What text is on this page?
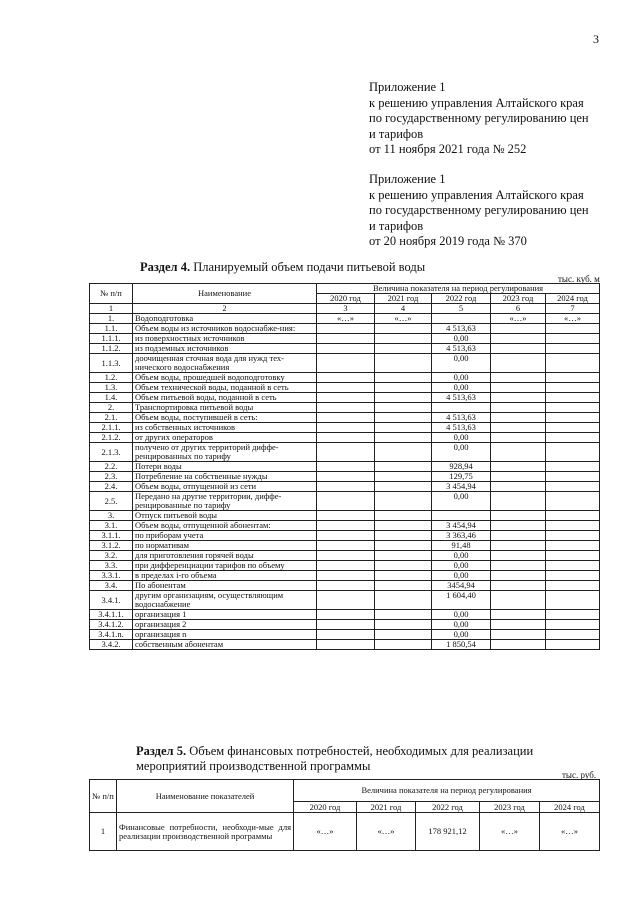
3
Приложение 1
к решению управления Алтайского края
по государственному регулированию цен
и тарифов
от 11 ноября 2021 года № 252
Приложение 1
к решению управления Алтайского края
по государственному регулированию цен
и тарифов
от 20 ноября 2019 года № 370
Раздел 4. Планируемый объем подачи питьевой воды
тыс. куб. м
№ п/п	Наименование	Величина показателя на период регулирования				
		2020 год	2021 год	2022 год	2023 год	2024 год
1	2	3	4	5	6	7
1.	Водоподготовка	«…»	«…»		«…»	«…»
1.1.	Объем воды из источников водоснабже-ния:			4 513,63		
1.1.1.	из поверхностных источников			0,00		
1.1.2.	из подземных источников			4 513,63		
1.1.3.	доочищенная сточная вода для нужд тех-нического водоснабжения			0,00		
1.2.	Объем воды, прошедшей водоподготовку			0,00		
1.3.	Объем технической воды, поданной в сеть			0,00		
1.4.	Объем питьевой воды, поданной в сеть			4 513,63		
2.	Транспортировка питьевой воды					
2.1.	Объем воды, поступившей в сеть:			4 513,63		
2.1.1.	из собственных источников			4 513,63		
2.1.2.	от других операторов			0,00		
2.1.3.	получено от других территорий диффе-ренцированных по тарифу			0,00		
2.2.	Потери воды			928,94		
2.3.	Потребление на собственные нужды			129,75		
2.4.	Объем воды, отпущенной из сети			3 454,94		
2.5.	Передано на другие территории, диффе-ренцированные по тарифу			0,00		
3.	Отпуск питьевой воды					
3.1.	Объем воды, отпущенной абонентам:			3 454,94		
3.1.1.	по приборам учета			3 363,46		
3.1.2.	по нормативам			91,48		
3.2.	для приготовления горячей воды			0,00		
3.3.	при дифференциации тарифов по объему			0,00		
3.3.1.	в пределах i-го объема			0,00		
3.4.	По абонентам			3454,94		
3.4.1.	другим организациям, осуществляющим водоснабжение			1 604,40		
3.4.1.1.	организация 1			0,00		
3.4.1.2.	организация 2			0,00		
3.4.1.n.	организация n			0,00		
3.4.2.	собственным абонентам			1 850,54		
Раздел 5. Объем финансовых потребностей, необходимых для реализации мероприятий производственной программы
тыс. руб.
№ п/п	Наименование показателей	Величина показателя на период регулирования				
		2020 год	2021 год	2022 год	2023 год	2024 год
1	Финансовые потребности, необходи-мые для реализации производственной программы	«…»	«…»	178 921,12	«…»	«…»
